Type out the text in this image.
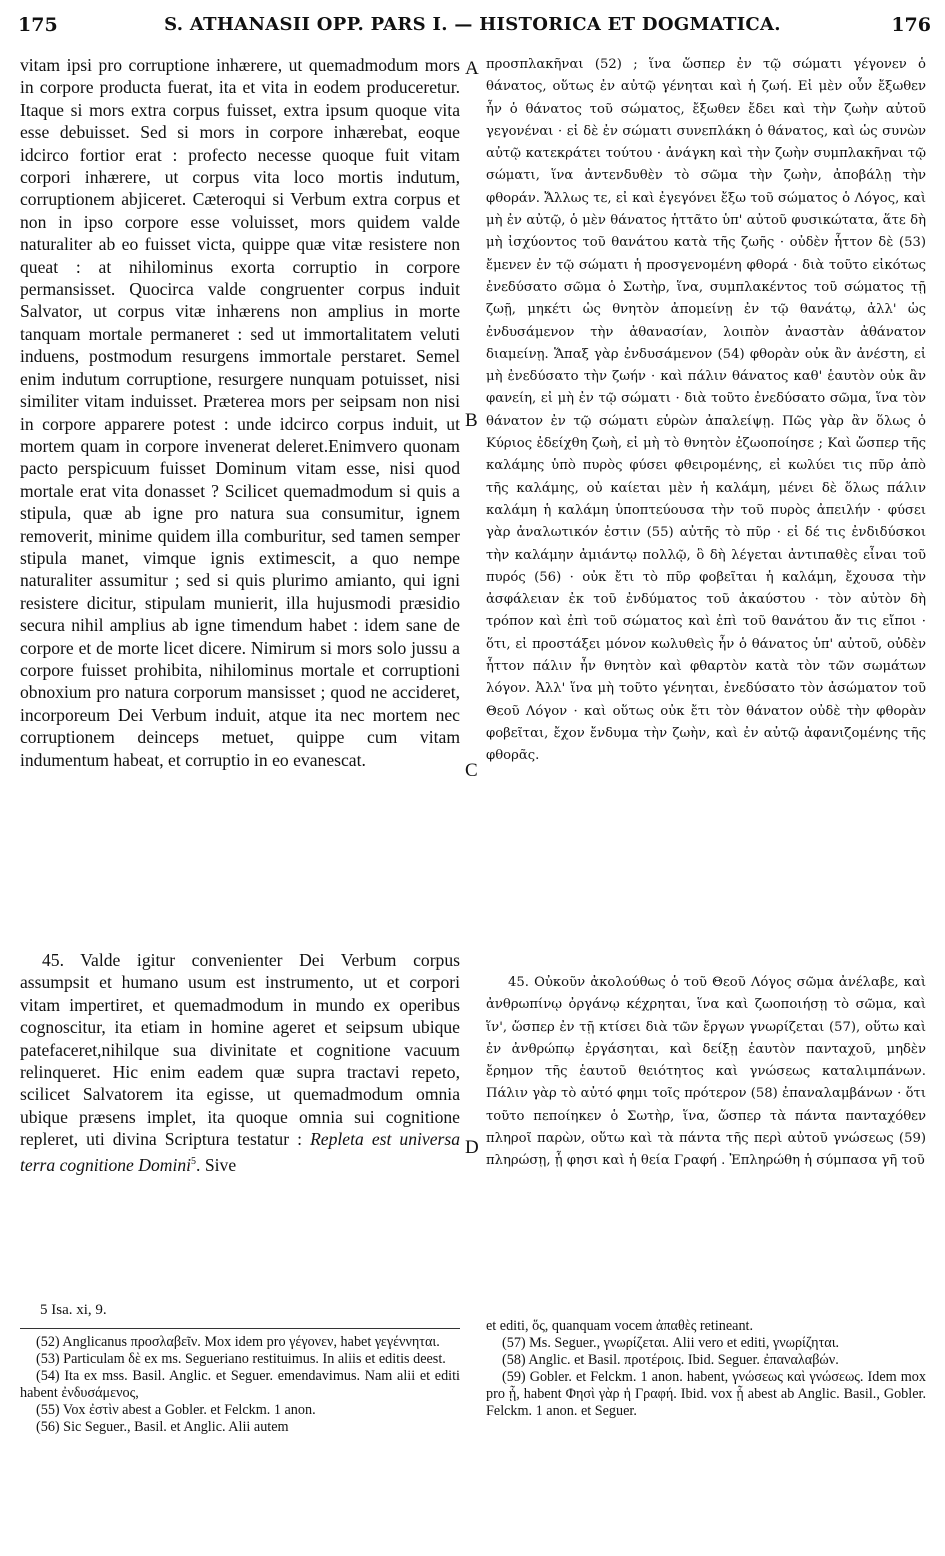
175	S. ATHANASII OPP. PARS I. — HISTORICA ET DOGMATICA.	176

vitam ipsi pro corruptione inhærere, ut quemadmodum mors in corpore producta fuerat, ita et vita in eodem produceretur. Itaque si mors extra corpus fuisset, extra ipsum quoque vita esse debuisset. Sed si mors in corpore inhærebat, eoque idcirco fortior erat : profecto necesse quoque fuit vitam corpori inhærere, ut corpus vita loco mortis indutum, corruptionem abjiceret. Cæteroqui si Verbum extra corpus et non in ipso corpore esse voluisset, mors quidem valde naturaliter ab eo fuisset victa, quippe quæ vitæ resistere non queat : at nihilominus exorta corruptio in corpore permansisset. Quocirca valde congruenter corpus induit Salvator, ut corpus vitæ inhærens non amplius in morte tanquam mortale permaneret : sed ut immortalitatem veluti induens, postmodum resurgens immortale perstaret. Semel enim indutum corruptione, resurgere nunquam potuisset, nisi similiter vitam induisset. Præterea mors per seipsam non nisi in corpore apparere potest : unde idcirco corpus induit, ut mortem quam in corpore invenerat deleret.Enimvero quonam pacto perspicuum fuisset Dominum vitam esse, nisi quod mortale erat vita donasset ? Scilicet quemadmodum si quis a stipula, quæ ab igne pro natura sua consumitur, ignem removerit, minime quidem illa comburitur, sed tamen semper stipula manet, vimque ignis extimescit, a quo nempe naturaliter assumitur ; sed si quis plurimo amianto, qui igni resistere dicitur, stipulam munierit, illa hujusmodi præsidio secura nihil amplius ab igne timendum habet : idem sane de corpore et de morte licet dicere. Nimirum si mors solo jussu a corpore fuisset prohibita, nihilominus mortale et corruptioni obnoxium pro natura corporum mansisset ; quod ne accideret, incorporeum Dei Verbum induit, atque ita nec mortem nec corruptionem deinceps metuet, quippe cum vitam indumentum habeat, et corruptio in eo evanescat.

προσπλακῆναι (52) ; ἵνα ὥσπερ ἐν τῷ σώματι γέγονεν ὁ θάνατος, οὕτως ἐν αὐτῷ γένηται καὶ ἡ ζωή. Εἰ μὲν οὖν ἔξωθεν ἦν ὁ θάνατος τοῦ σώματος, ἔξωθεν ἔδει καὶ τὴν ζωὴν αὐτοῦ γεγονέναι · εἰ δὲ ἐν σώματι συνεπλάκη ὁ θάνατος, καὶ ὡς συνὼν αὐτῷ κατεκράτει τούτου · ἀνάγκη καὶ τὴν ζωὴν συμπλακῆναι τῷ σώματι, ἵνα ἀντενδυθὲν τὸ σῶμα τὴν ζωὴν, ἀποβάλῃ τὴν φθοράν. Ἄλλως τε, εἰ καὶ ἐγεγόνει ἔξω τοῦ σώματος ὁ Λόγος, καὶ μὴ ἐν αὐτῷ, ὁ μὲν θάνατος ἡττᾶτο ὑπ' αὐτοῦ φυσικώτατα, ἅτε δὴ μὴ ἰσχύοντος τοῦ θανάτου κατὰ τῆς ζωῆς · οὐδὲν ἧττον δὲ (53) ἔμενεν ἐν τῷ σώματι ἡ προσγενομένη φθορά · διὰ τοῦτο εἰκότως ἐνεδύσατο σῶμα ὁ Σωτὴρ, ἵνα, συμπλακέντος τοῦ σώματος τῇ ζωῇ, μηκέτι ὡς θνητὸν ἀπομείνῃ ἐν τῷ θανάτῳ, ἀλλ' ὡς ἐνδυσάμενον τὴν ἀθανασίαν, λοιπὸν ἀναστὰν ἀθάνατον διαμείνῃ. Ἅπαξ γὰρ ἐνδυσάμενον (54) φθορὰν οὐκ ἂν ἀνέστη, εἰ μὴ ἐνεδύσατο τὴν ζωήν · καὶ πάλιν θάνατος καθ' ἑαυτὸν οὐκ ἂν φανείη, εἰ μὴ ἐν τῷ σώματι · διὰ τοῦτο ἐνεδύσατο σῶμα, ἵνα τὸν θάνατον ἐν τῷ σώματι εὑρὼν ἀπαλείψῃ. Πῶς γὰρ ἂν ὅλως ὁ Κύριος ἐδείχθη ζωὴ, εἰ μὴ τὸ θνητὸν ἐζωοποίησε ; Καὶ ὥσπερ τῆς καλάμης ὑπὸ πυρὸς φύσει φθειρομένης, εἰ κωλύει τις πῦρ ἀπὸ τῆς καλάμης, οὐ καίεται μὲν ἡ καλάμη, μένει δὲ ὅλως πάλιν καλάμη ἡ καλάμη ὑποπτεύουσα τὴν τοῦ πυρὸς ἀπειλήν · φύσει γὰρ ἀναλωτικόν ἐστιν (55) αὐτῆς τὸ πῦρ · εἰ δέ τις ἐνδιδύσκοι τὴν καλάμην ἀμιάντῳ πολλῷ, ὃ δὴ λέγεται ἀντιπαθὲς εἶναι τοῦ πυρός (56) · οὐκ ἔτι τὸ πῦρ φοβεῖται ἡ καλάμη, ἔχουσα τὴν ἀσφάλειαν ἐκ τοῦ ἐνδύματος τοῦ ἀκαύστου · τὸν αὐτὸν δὴ τρόπον καὶ ἐπὶ τοῦ σώματος καὶ ἐπὶ τοῦ θανάτου ἄν τις εἴποι · ὅτι, εἰ προστάξει μόνον κωλυθεὶς ἦν ὁ θάνατος ὑπ' αὐτοῦ, οὐδὲν ἧττον πάλιν ἦν θνητὸν καὶ φθαρτὸν κατὰ τὸν τῶν σωμάτων λόγον. Ἀλλ' ἵνα μὴ τοῦτο γένηται, ἐνεδύσατο τὸν ἀσώματον τοῦ Θεοῦ Λόγον · καὶ οὕτως οὐκ ἔτι τὸν θάνατον οὐδὲ τὴν φθορὰν φοβεῖται, ἔχον ἔνδυμα τὴν ζωὴν, καὶ ἐν αὐτῷ ἀφανιζομένης τῆς φθορᾶς.

A
B
C
D

45. Valde igitur convenienter Dei Verbum corpus assumpsit et humano usum est instrumento, ut et corpori vitam impertiret, et quemadmodum in mundo ex operibus cognoscitur, ita etiam in homine ageret et seipsum ubique patefaceret,nihilque sua divinitate et cognitione vacuum relinqueret. Hic enim eadem quæ supra tractavi repeto, scilicet Salvatorem ita egisse, ut quemadmodum omnia ubique præsens implet, ita quoque omnia sui cognitione repleret, uti divina Scriptura testatur : Repleta est universa terra cognitione Domini$^5$. Sive

45. Οὐκοῦν ἀκολούθως ὁ τοῦ Θεοῦ Λόγος σῶμα ἀνέλαβε, καὶ ἀνθρωπίνῳ ὀργάνῳ κέχρηται, ἵνα καὶ ζωοποιήσῃ τὸ σῶμα, καὶ ἵν', ὥσπερ ἐν τῇ κτίσει διὰ τῶν ἔργων γνωρίζεται (57), οὕτω καὶ ἐν ἀνθρώπῳ ἐργάσηται, καὶ δείξῃ ἑαυτὸν πανταχοῦ, μηδὲν ἔρημον τῆς ἑαυτοῦ θειότητος καὶ γνώσεως καταλιμπάνων. Πάλιν γὰρ τὸ αὐτό φημι τοῖς πρότερον (58) ἐπαναλαμβάνων · ὅτι τοῦτο πεποίηκεν ὁ Σωτὴρ, ἵνα, ὥσπερ τὰ πάντα πανταχόθεν πληροῖ παρὼν, οὕτω καὶ τὰ πάντα τῆς περὶ αὐτοῦ γνώσεως (59) πληρώσῃ, ᾗ φησι καὶ ἡ θεία Γραφή . Ἐπληρώθη ἡ σύμπασα γῆ τοῦ

5 Isa. xi, 9.

(52) Anglicanus προσλαβεῖν. Mox idem pro γέγονεν, habet γεγέννηται.

(53) Particulam δὲ ex ms. Segueriano restituimus. In aliis et editis deest.

(54) Ita ex mss. Basil. Anglic. et Seguer. emendavimus. Nam alii et editi habent ἐνδυσάμενος,

(55) Vox ἐστὶν abest a Gobler. et Felckm. 1 anon.

(56) Sic Seguer., Basil. et Anglic. Alii autem

et editi, ὅς, quanquam vocem ἀπαθὲς retineant.

(57) Ms. Seguer., γνωρίζεται. Alii vero et editi, γνωρίζηται.

(58) Anglic. et Basil. προτέροις. Ibid. Seguer. ἐπαναλαβών.

(59) Gobler. et Felckm. 1 anon. habent, γνώσεως καὶ γνώσεως. Idem mox pro ᾗ, habent Φησὶ γὰρ ἡ Γραφή. Ibid. vox ᾗ abest ab Anglic. Basil., Gobler. Felckm. 1 anon. et Seguer.
